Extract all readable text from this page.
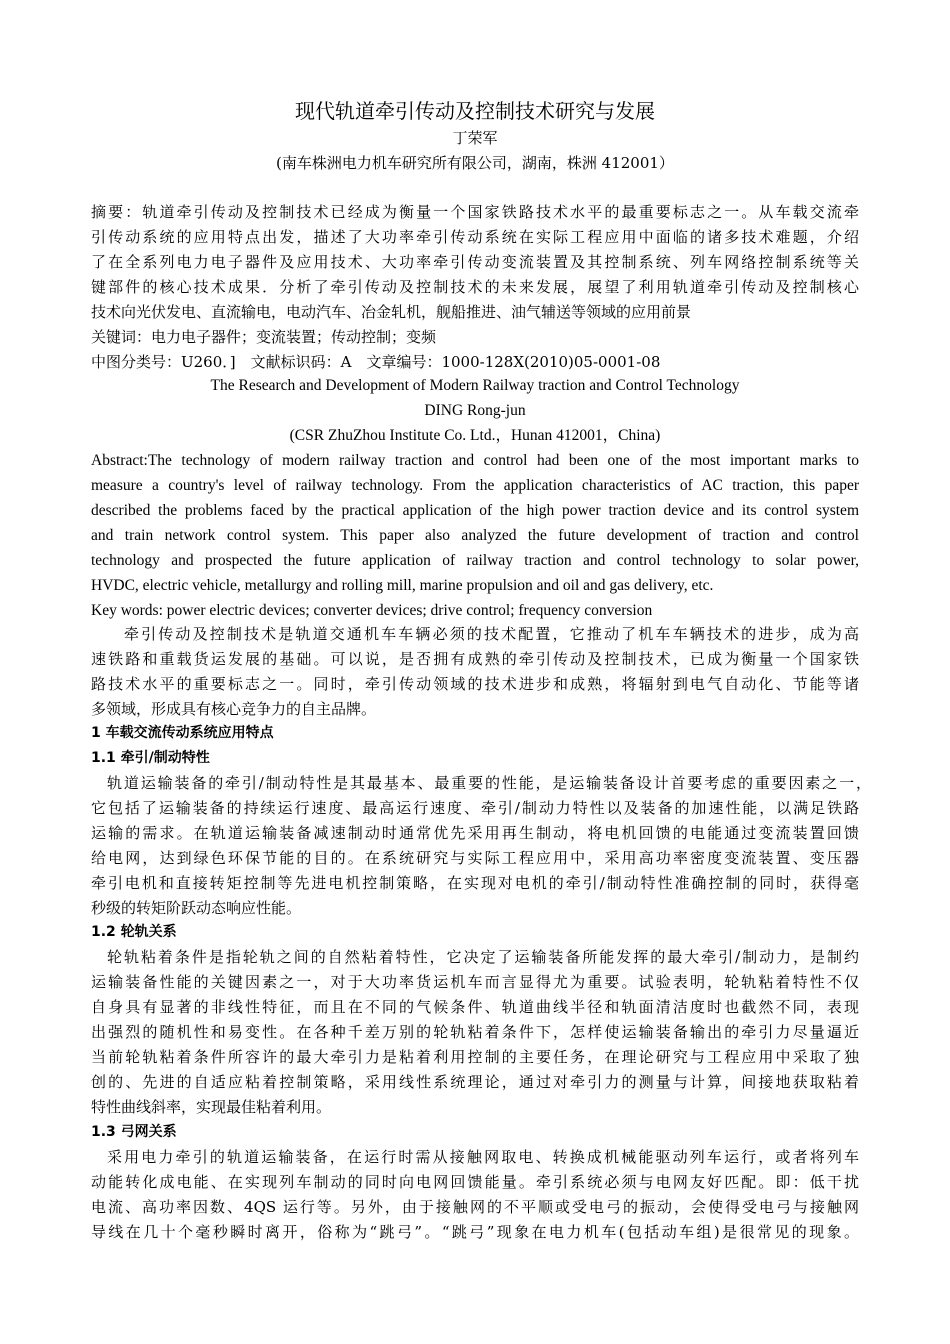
现代轨道牵引传动及控制技术研究与发展
丁荣军
(南车株洲电力机车研究所有限公司，湖南，株洲 412001）
摘要：轨道牵引传动及控制技术已经成为衡量一个国家铁路技术水平的最重要标志之一。从车载交流牵
引传动系统的应用特点出发，描述了大功率牵引传动系统在实际工程应用中面临的诸多技术难题，介绍
了在全系列电力电子器件及应用技术、大功率牵引传动变流装置及其控制系统、列车网络控制系统等关
键部件的核心技术成果．分析了牵引传动及控制技术的未来发展，展望了利用轨道牵引传动及控制核心
技术向光伏发电、直流输电，电动汽车、冶金轧机，舰船推进、油气辅送等领域的应用前景
关键词：电力电子器件；变流装置；传动控制；变频
中图分类号：U260．]　文献标识码：A　文章编号：1000-128X(2010)05-0001-08
The Research and Development of Modern Railway traction and Control Technology
DING Rong-jun
(CSR ZhuZhou Institute Co. Ltd.，Hunan 412001，China)
Abstract:The technology of modern railway traction and control had been one of the most important marks to
measure a country's level of railway technology. From the application characteristics of AC traction, this paper
described the problems faced by the practical application of the high power traction device and its control system
and train network control system. This paper also analyzed the future development of traction and control
technology and prospected the future application of railway traction and control technology to solar power,
HVDC, electric vehicle, metallurgy and rolling mill, marine propulsion and oil and gas delivery, etc.
Key words: power electric devices; converter devices; drive control; frequency conversion
牵引传动及控制技术是轨道交通机车车辆必须的技术配置，它推动了机车车辆技术的进步，成为高
速铁路和重载货运发展的基础。可以说，是否拥有成熟的牵引传动及控制技术，已成为衡量一个国家铁
路技术水平的重要标志之一。同时，牵引传动领域的技术进步和成熟，将辐射到电气自动化、节能等诸
多领域，形成具有核心竞争力的自主品牌。
1 车载交流传动系统应用特点
1.1 牵引/制动特性
轨道运输装备的牵引/制动特性是其最基本、最重要的性能，是运输装备设计首要考虑的重要因素之一，
它包括了运输装备的持续运行速度、最高运行速度、牵引/制动力特性以及装备的加速性能，以满足铁路
运输的需求。在轨道运输装备减速制动时通常优先采用再生制动，将电机回馈的电能通过变流装置回馈
给电网，达到绿色环保节能的目的。在系统研究与实际工程应用中，采用高功率密度变流装置、变压器
牵引电机和直接转矩控制等先进电机控制策略，在实现对电机的牵引/制动特性准确控制的同时，获得毫
秒级的转矩阶跃动态响应性能。
1.2 轮轨关系
轮轨粘着条件是指轮轨之间的自然粘着特性，它决定了运输装备所能发挥的最大牵引/制动力，是制约
运输装备性能的关键因素之一，对于大功率货运机车而言显得尤为重要。试验表明，轮轨粘着特性不仅
自身具有显著的非线性特征，而且在不同的气候条件、轨道曲线半径和轨面清洁度时也截然不同，表现
出强烈的随机性和易变性。在各种千差万别的轮轨粘着条件下，怎样使运输装备输出的牵引力尽量逼近
当前轮轨粘着条件所容许的最大牵引力是粘着利用控制的主要任务，在理论研究与工程应用中采取了独
创的、先进的自适应粘着控制策略，采用线性系统理论，通过对牵引力的测量与计算，间接地获取粘着
特性曲线斜率，实现最佳粘着利用。
1.3 弓网关系
采用电力牵引的轨道运输装备，在运行时需从接触网取电、转换成机械能驱动列车运行，或者将列车
动能转化成电能、在实现列车制动的同时向电网回馈能量。牵引系统必须与电网友好匹配。即：低干扰
电流、高功率因数、4QS 运行等。另外，由于接触网的不平顺或受电弓的振动，会使得受电弓与接触网
导线在几十个毫秒瞬时离开，俗称为“跳弓”。“跳弓”现象在电力机车(包括动车组)是很常见的现象。
